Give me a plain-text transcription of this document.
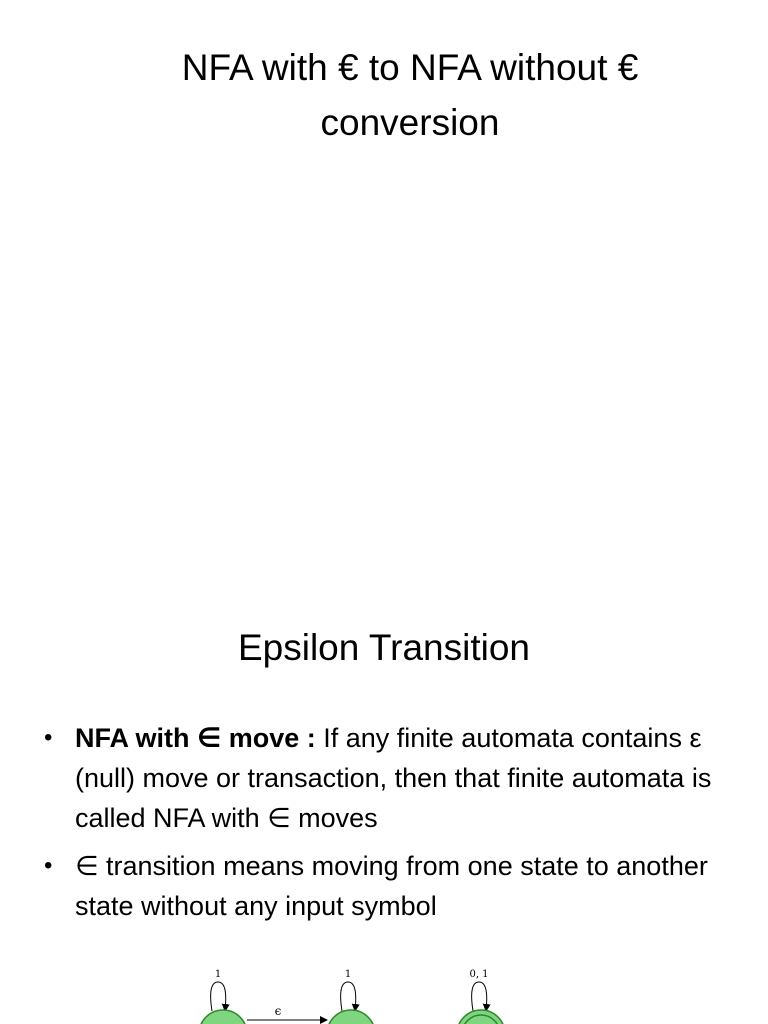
NFA with € to NFA without €
conversion
Epsilon Transition
• NFA with ∈ move : If any finite automata contains ε (null) move or transaction, then that finite automata is called NFA with ∈ moves
• ∈ transition means moving from one state to another state without any input symbol
1
є
1	0, 1
